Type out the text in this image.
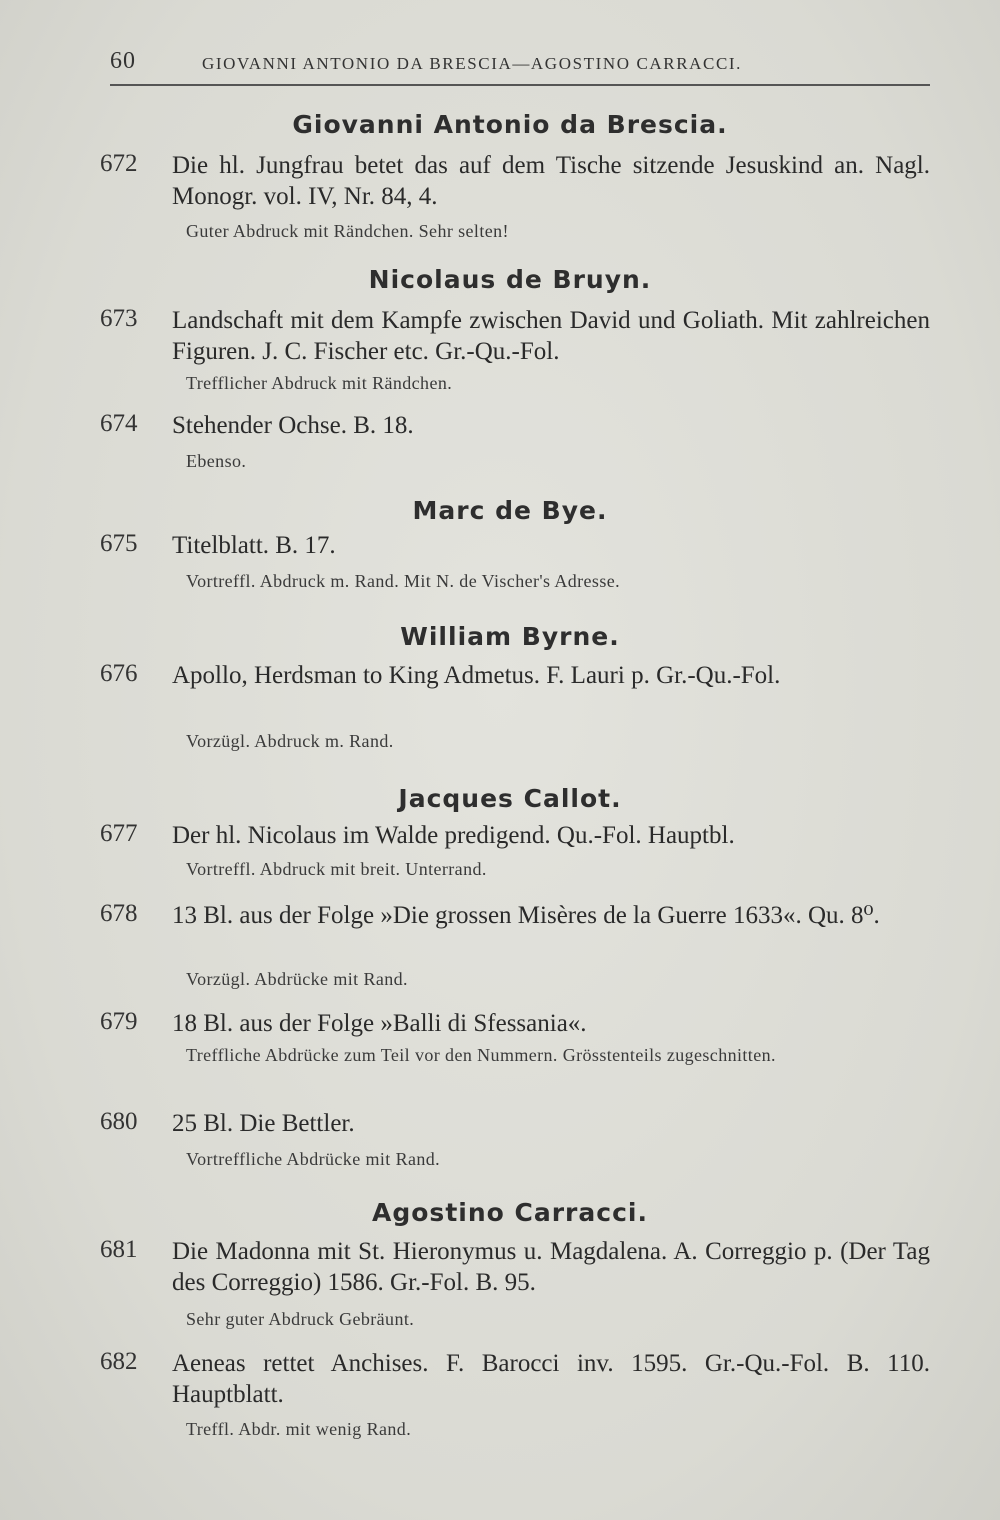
60	GIOVANNI ANTONIO DA BRESCIA—AGOSTINO CARRACCI.
Giovanni Antonio da Brescia.
672 Die hl. Jungfrau betet das auf dem Tische sitzende Jesuskind an. Nagl. Monogr. vol. IV, Nr. 84, 4.
Guter Abdruck mit Rändchen. Sehr selten!
Nicolaus de Bruyn.
673 Landschaft mit dem Kampfe zwischen David und Goliath. Mit zahlreichen Figuren. J. C. Fischer etc. Gr.-Qu.-Fol.
Trefflicher Abdruck mit Rändchen.
674 Stehender Ochse. B. 18.
Ebenso.
Marc de Bye.
675 Titelblatt. B. 17.
Vortreffl. Abdruck m. Rand. Mit N. de Vischer's Adresse.
William Byrne.
676 Apollo, Herdsman to King Admetus. F. Lauri p. Gr.-Qu.-Fol.
Vorzügl. Abdruck m. Rand.
Jacques Callot.
677 Der hl. Nicolaus im Walde predigend. Qu.-Fol. Hauptbl.
Vortreffl. Abdruck mit breit. Unterrand.
678 13 Bl. aus der Folge »Die grossen Misères de la Guerre 1633«. Qu. 8⁰.
Vorzügl. Abdrücke mit Rand.
679 18 Bl. aus der Folge »Balli di Sfessania«.
Treffliche Abdrücke zum Teil vor den Nummern. Grösstenteils zugeschnitten.
680 25 Bl. Die Bettler.
Vortreffliche Abdrücke mit Rand.
Agostino Carracci.
681 Die Madonna mit St. Hieronymus u. Magdalena. A. Correggio p. (Der Tag des Correggio) 1586. Gr.-Fol. B. 95.
Sehr guter Abdruck Gebräunt.
682 Aeneas rettet Anchises. F. Barocci inv. 1595. Gr.-Qu.-Fol. B. 110. Hauptblatt.
Treffl. Abdr. mit wenig Rand.
